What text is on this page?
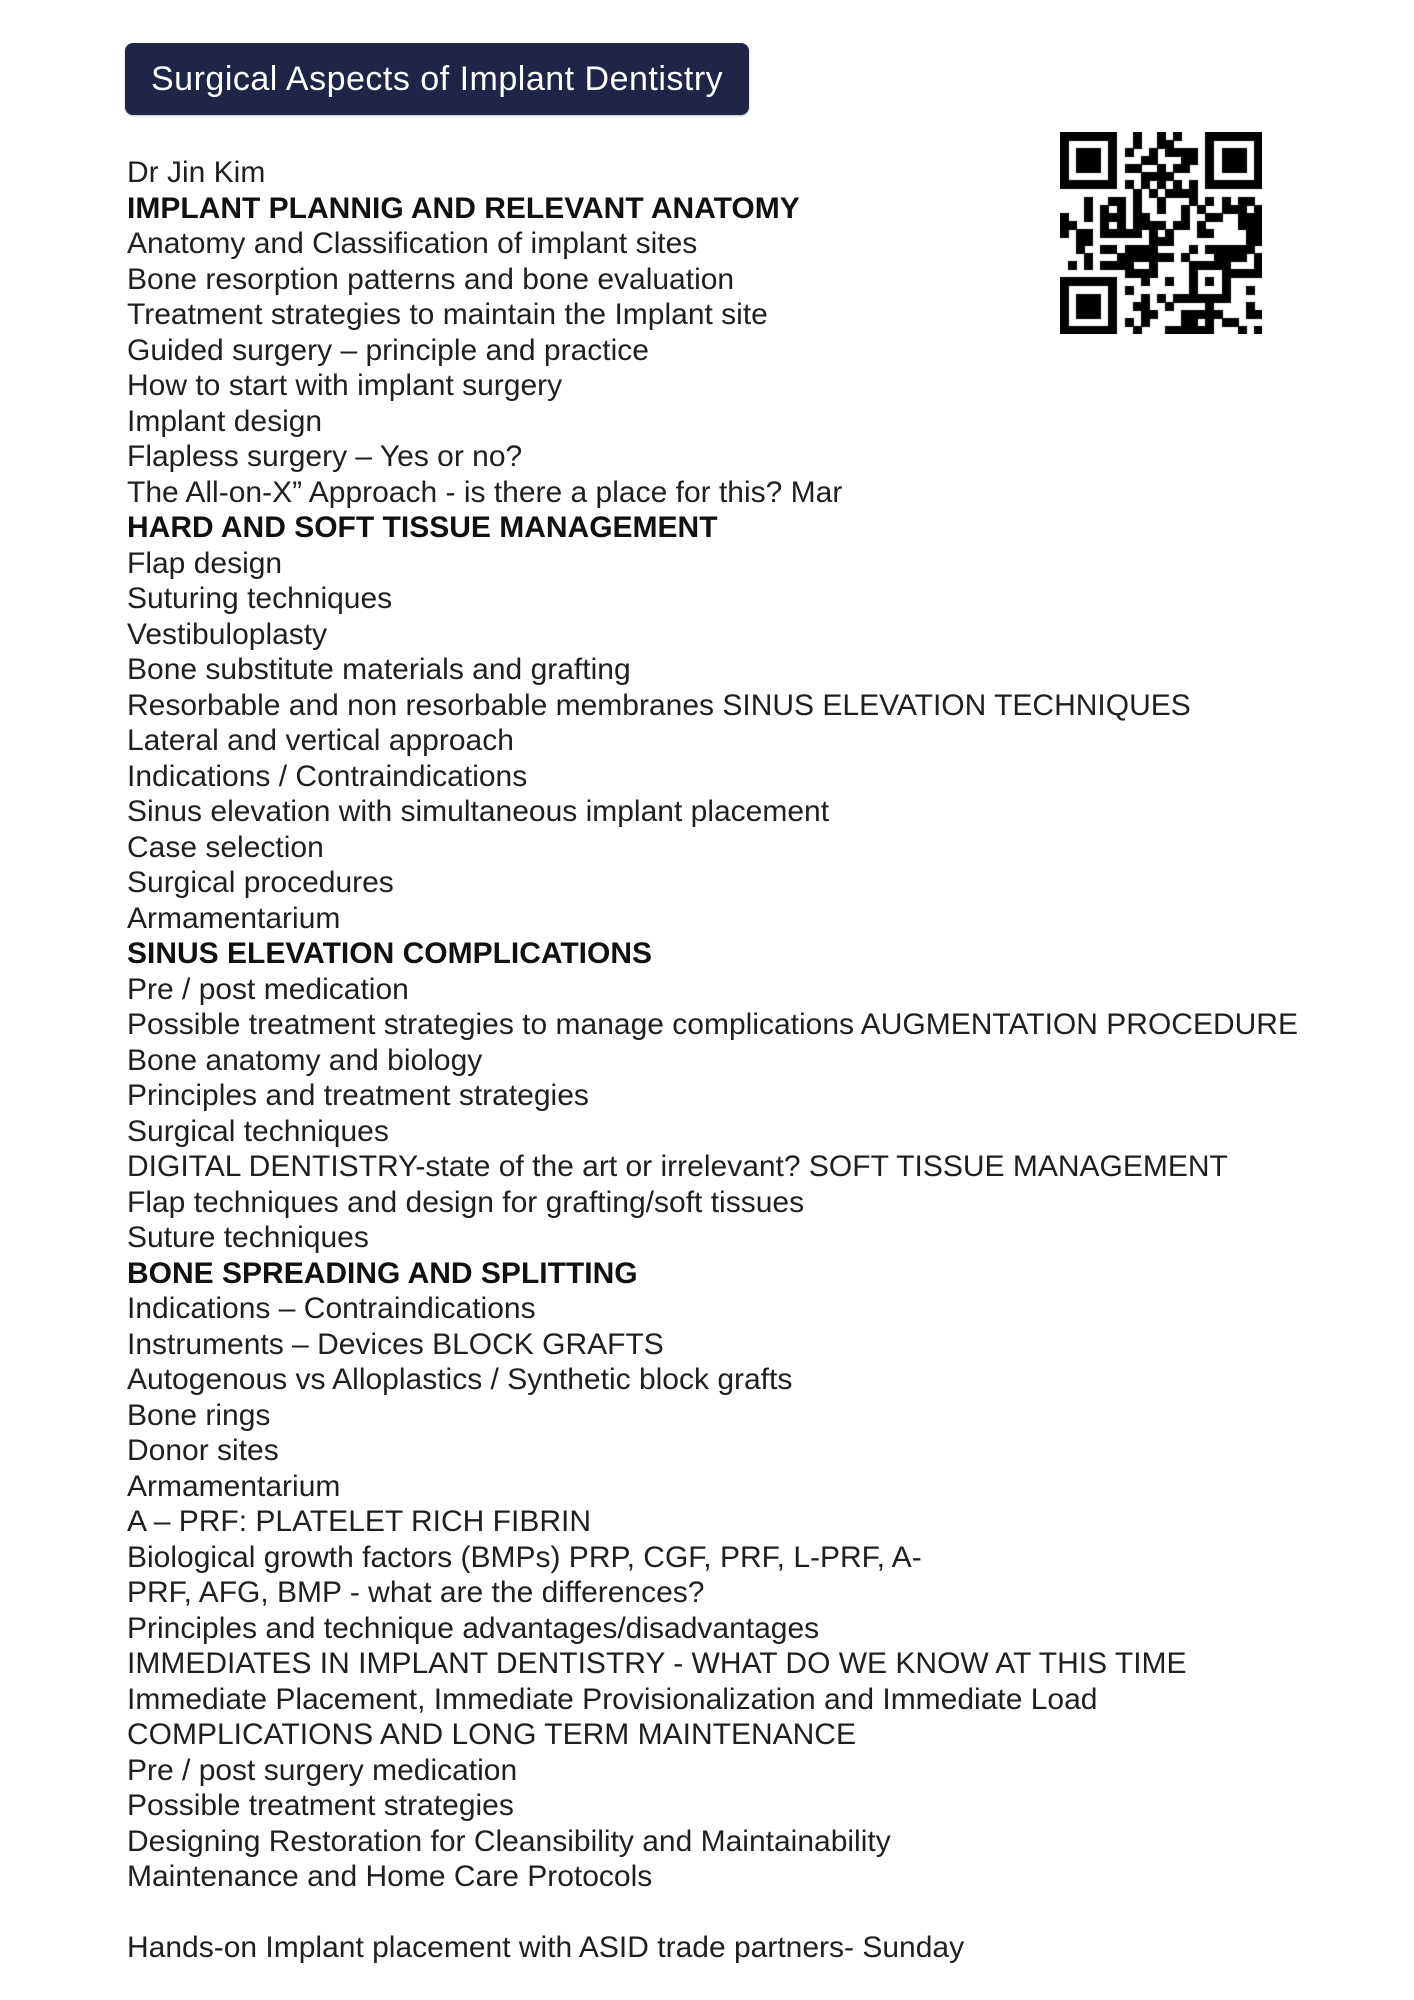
Surgical Aspects of Implant Dentistry
Dr Jin Kim
IMPLANT PLANNIG AND RELEVANT ANATOMY
Anatomy and Classification of implant sites
Bone resorption patterns and bone evaluation
Treatment strategies to maintain the Implant site
Guided surgery – principle and practice
How to start with implant surgery
Implant design
Flapless surgery – Yes or no?
The All-on-X” Approach - is there a place for this? Mar
HARD AND SOFT TISSUE MANAGEMENT
Flap design
Suturing techniques
Vestibuloplasty
Bone substitute materials and grafting
Resorbable and non resorbable membranes SINUS ELEVATION TECHNIQUES
Lateral and vertical approach
Indications / Contraindications
Sinus elevation with simultaneous implant placement
Case selection
Surgical procedures
Armamentarium
SINUS ELEVATION COMPLICATIONS
Pre / post medication
Possible treatment strategies to manage complications AUGMENTATION PROCEDURE
Bone anatomy and biology
Principles and treatment strategies
Surgical techniques
DIGITAL DENTISTRY-state of the art or irrelevant? SOFT TISSUE MANAGEMENT
Flap techniques and design for grafting/soft tissues
Suture techniques
BONE SPREADING AND SPLITTING
Indications – Contraindications
Instruments – Devices BLOCK GRAFTS
Autogenous vs Alloplastics / Synthetic block grafts
Bone rings
Donor sites
Armamentarium
A – PRF: PLATELET RICH FIBRIN
Biological growth factors (BMPs) PRP, CGF, PRF, L-PRF, A-
PRF, AFG, BMP - what are the differences?
Principles and technique advantages/disadvantages
IMMEDIATES IN IMPLANT DENTISTRY - WHAT DO WE KNOW AT THIS TIME
Immediate Placement, Immediate Provisionalization and Immediate Load
COMPLICATIONS AND LONG TERM MAINTENANCE
Pre / post surgery medication
Possible treatment strategies
Designing Restoration for Cleansibility and Maintainability
Maintenance and Home Care Protocols
Hands-on Implant placement with ASID trade partners- Sunday
